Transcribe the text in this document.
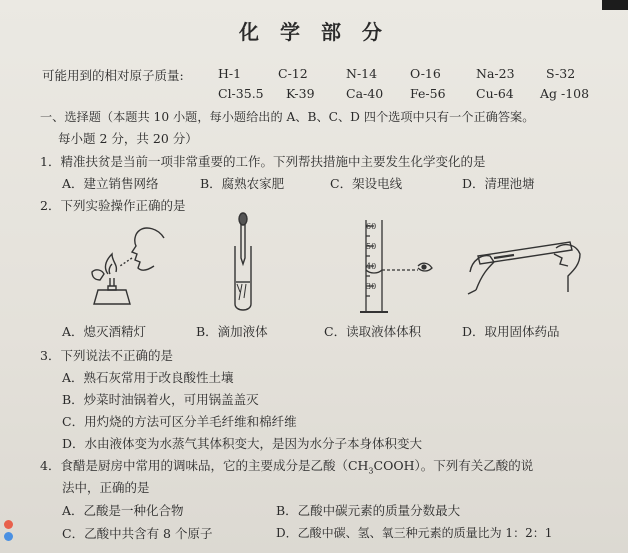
化 学 部 分
可能用到的相对原子质量:	H-1	C-12	N-14	O-16	Na-23	S-32
Cl-35.5 K-39	Ca-40 Fe-56 Cu-64 Ag -108
一、选择题（本题共 10 小题，每小题给出的 A、B、C、D 四个选项中只有一个正确答案。
每小题 2 分，共 20 分）
1．精准扶贫是当前一项非常重要的工作。下列帮扶措施中主要发生化学变化的是
A．建立销售网络	B．腐熟农家肥	C．架设电线	D．清理池塘
2．下列实验操作正确的是
60
50
40
30
A．熄灭酒精灯	B．滴加液体	C．读取液体体积	D．取用固体药品
3．下列说法不正确的是
A．熟石灰常用于改良酸性土壤
B．炒菜时油锅着火，可用锅盖盖灭
C．用灼烧的方法可区分羊毛纤维和棉纤维
D．水由液体变为水蒸气其体积变大，是因为水分子本身体积变大
4．食醋是厨房中常用的调味品，它的主要成分是乙酸$(CH_3COOH)$。下列有关乙酸的说
法中，正确的是
A．乙酸是一种化合物	B．乙酸中碳元素的质量分数最大
C．乙酸中共含有 8 个原子	D．乙酸中碳、氢、氧三种元素的质量比为 1：2：1
